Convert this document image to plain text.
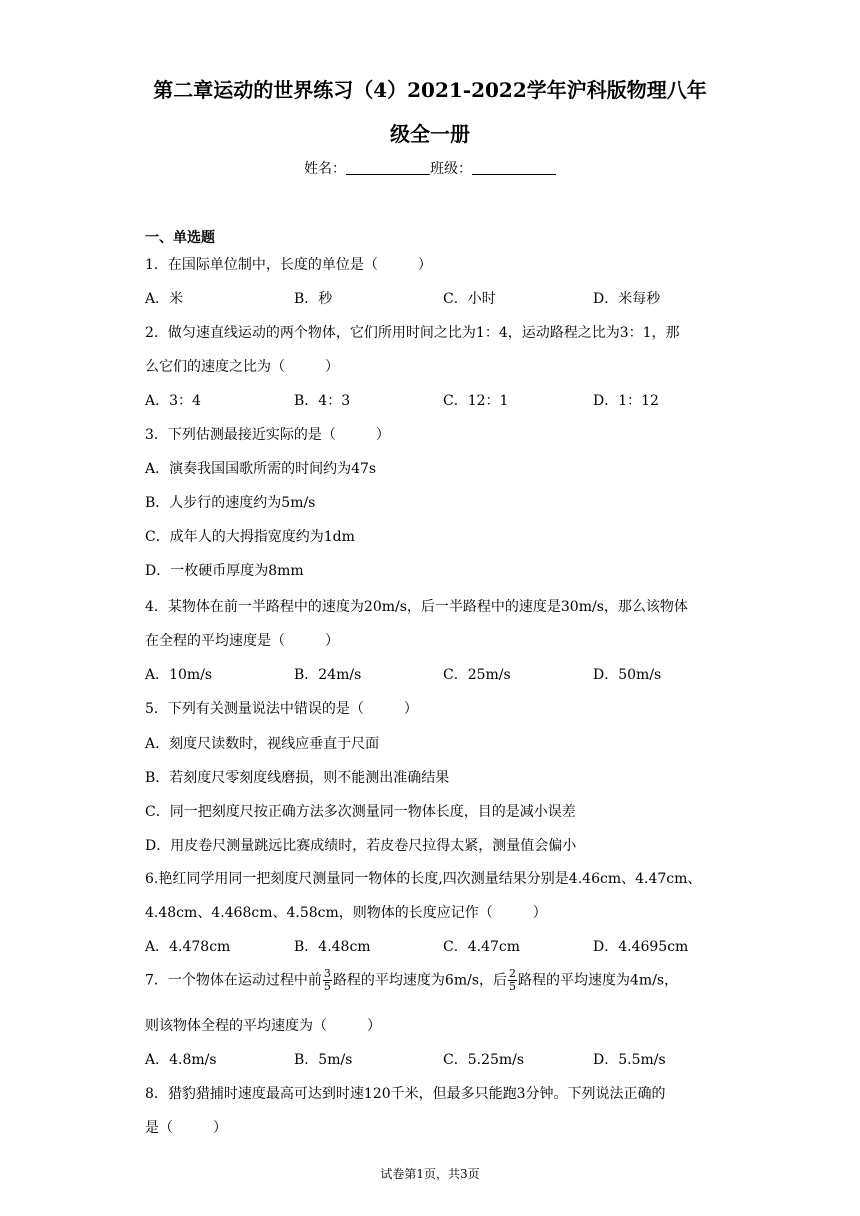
第二章运动的世界练习（4）2021-2022学年沪科版物理八年
级全一册
姓名：	班级：
一、单选题
1．在国际单位制中，长度的单位是（	）
A．米	B．秒	C．小时	D．米每秒
2．做匀速直线运动的两个物体，它们所用时间之比为1：4，运动路程之比为3：1，那
么它们的速度之比为（	）
A．3：4	B．4：3	C．12：1	D．1：12
3．下列估测最接近实际的是（	）
A．演奏我国国歌所需的时间约为47s
B．人步行的速度约为5m/s
C．成年人的大拇指宽度约为1dm
D．一枚硬币厚度为8mm
4．某物体在前一半路程中的速度为20m/s，后一半路程中的速度是30m/s，那么该物体
在全程的平均速度是（	）
A．10m/s	B．24m/s	C．25m/s	D．50m/s
5．下列有关测量说法中错误的是（	）
A．刻度尺读数时，视线应垂直于尺面
B．若刻度尺零刻度线磨损，则不能测出准确结果
C．同一把刻度尺按正确方法多次测量同一物体长度，目的是减小误差
D．用皮卷尺测量跳远比赛成绩时，若皮卷尺拉得太紧，测量值会偏小
6.艳红同学用同一把刻度尺测量同一物体的长度,四次测量结果分别是4.46cm、4.47cm、
4.48cm、4.468cm、4.58cm，则物体的长度应记作（	）
A．4.478cm	B．4.48cm	C．4.47cm	D．4.4695cm
7．一个物体在运动过程中前 $\frac{3}{5}$ 路程的平均速度为6m/s，后 $\frac{2}{5}$ 路程的平均速度为4m/s，
则该物体全程的平均速度为（	）
A．4.8m/s	B．5m/s	C．5.25m/s	D．5.5m/s
8．猎豹猎捕时速度最高可达到时速120千米，但最多只能跑3分钟。下列说法正确的
是（	）
试卷第1页，共3页
